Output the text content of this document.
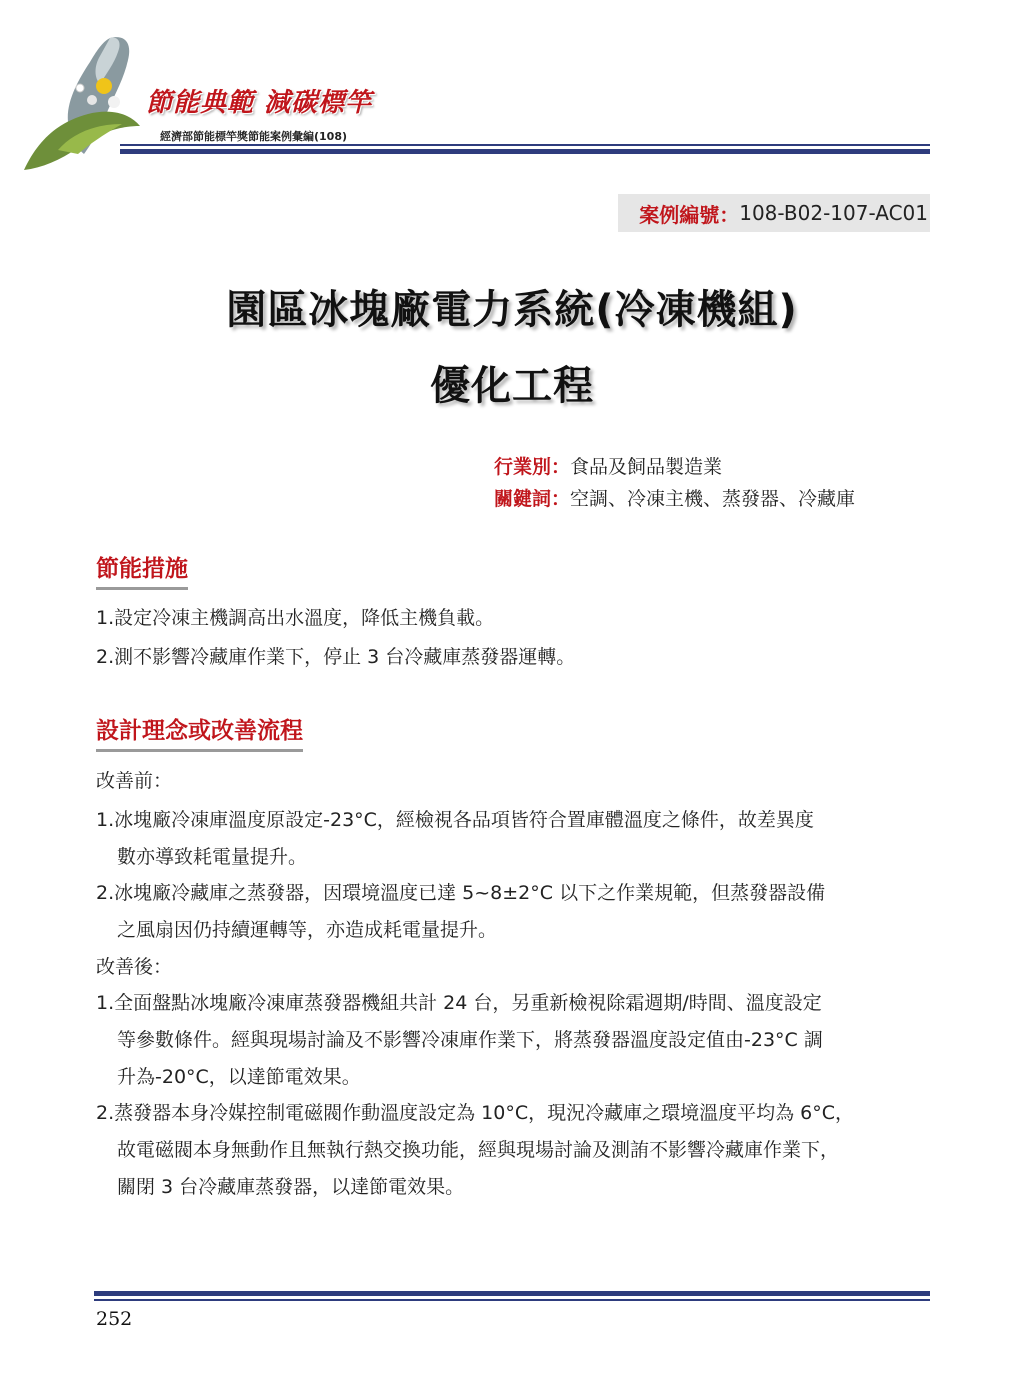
節能典範 減碳標竿
經濟部節能標竿獎節能案例彙編(108)
案例編號： 108-B02-107-AC01
園區冰塊廠電力系統(冷凍機組)
優化工程
行業別：食品及飼品製造業
關鍵詞：空調、冷凍主機、蒸發器、冷藏庫
節能措施
1.設定冷凍主機調高出水溫度，降低主機負載。
2.測不影響冷藏庫作業下，停止 3 台冷藏庫蒸發器運轉。
設計理念或改善流程
改善前：
1.冰塊廠冷凍庫溫度原設定-23°C，經檢視各品項皆符合置庫體溫度之條件，故差異度
數亦導致耗電量提升。
2.冰塊廠冷藏庫之蒸發器，因環境溫度已達 5~8±2°C 以下之作業規範，但蒸發器設備
之風扇因仍持續運轉等，亦造成耗電量提升。
改善後：
1.全面盤點冰塊廠冷凍庫蒸發器機組共計 24 台，另重新檢視除霜週期/時間、溫度設定
等參數條件。經與現場討論及不影響冷凍庫作業下，將蒸發器溫度設定值由-23°C 調
升為-20°C，以達節電效果。
2.蒸發器本身冷媒控制電磁閥作動溫度設定為 10°C，現況冷藏庫之環境溫度平均為 6°C，
故電磁閥本身無動作且無執行熱交換功能，經與現場討論及測詴不影響冷藏庫作業下，
關閉 3 台冷藏庫蒸發器，以達節電效果。
252
